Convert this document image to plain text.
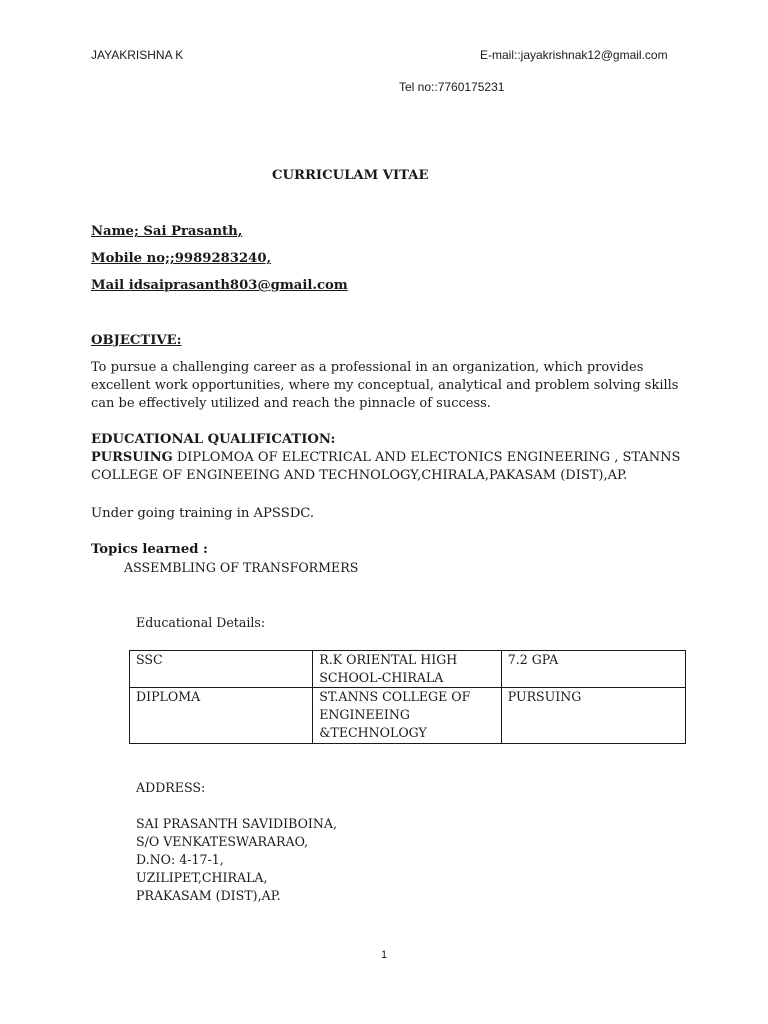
JAYAKRISHNA K	E-mail::jayakrishnak12@gmail.com
Tel no::7760175231
CURRICULAM VITAE
Name; Sai Prasanth,
Mobile no;;9989283240,
Mail idsaiprasanth803@gmail.com
OBJECTIVE:
To pursue a challenging career as a professional in an organization, which provides excellent work opportunities, where my conceptual, analytical and problem solving skills can be effectively utilized and reach the pinnacle of success.
EDUCATIONAL QUALIFICATION:
PURSUING DIPLOMOA OF ELECTRICAL AND ELECTONICS ENGINEERING , STANNS COLLEGE OF ENGINEEING AND TECHNOLOGY,CHIRALA,PAKASAM (DIST),AP.
Under going training in APSSDC.
Topics learned :
ASSEMBLING OF TRANSFORMERS
Educational Details:
SSC	R.K ORIENTAL HIGH SCHOOL-CHIRALA	7.2 GPA
DIPLOMA	ST.ANNS COLLEGE OF ENGINEEING &TECHNOLOGY	PURSUING
ADDRESS:
SAI PRASANTH SAVIDIBOINA,
S/O VENKATESWARARAO,
D.NO: 4-17-1,
UZILIPET,CHIRALA,
PRAKASAM (DIST),AP.
1
